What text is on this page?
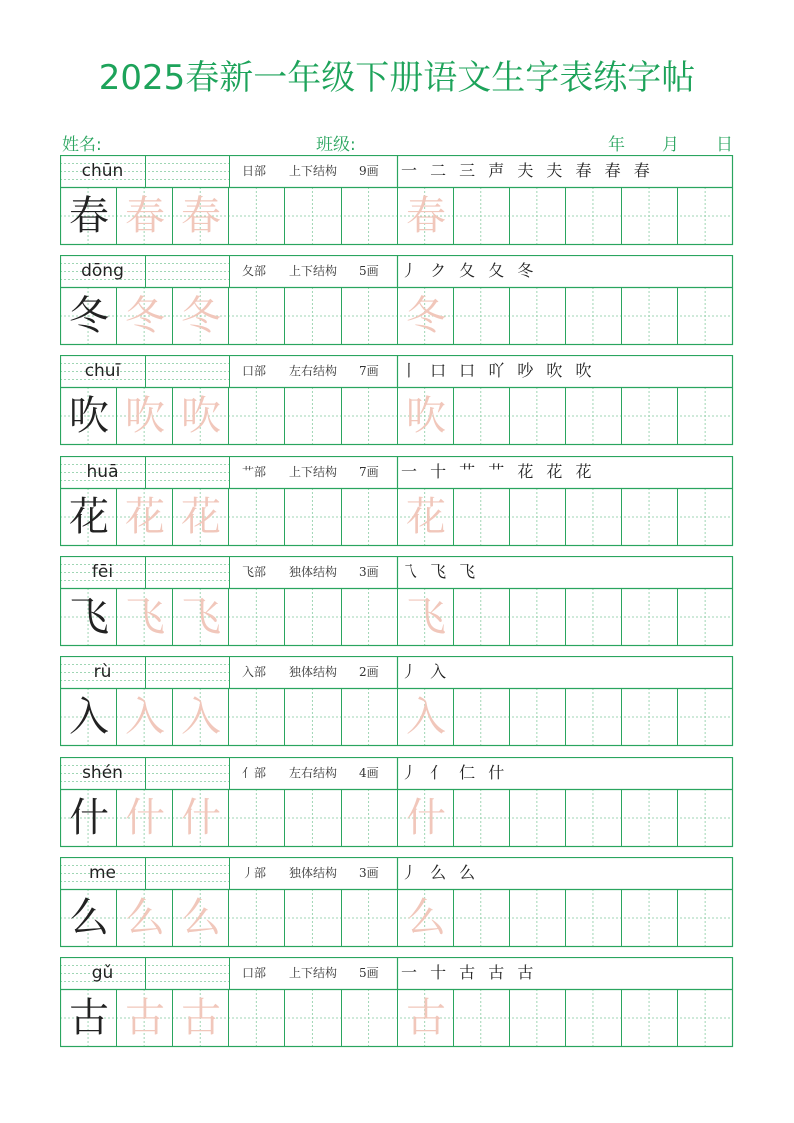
2025春新一年级下册语文生字表练字帖
姓名:	班级:	年 月 日
chūn	日部 上下结构 9画 一 二 三 声 夫 夫 春 春 春
春 春 春	春
dōng	夂部 上下结构 5画 丿 ク 夂 夂 冬
冬 冬 冬	冬
chuī	口部 左右结构 7画 丨 口 口 吖 吵 吹 吹
吹 吹 吹	吹
huā	艹部 上下结构 7画 一 十 艹 艹 花 花 花
花 花 花	花
fēi	飞部 独体结构 3画 乁 飞 飞
飞 飞 飞	飞
rù	入部 独体结构 2画 丿 入
入 入 入	入
shén	亻部 左右结构 4画 丿 亻 仁 什
什 什 什	什
me	丿部 独体结构 3画 丿 么 么
么 么 么	么
gǔ	口部 上下结构 5画 一 十 古 古 古
古 古 古	古
